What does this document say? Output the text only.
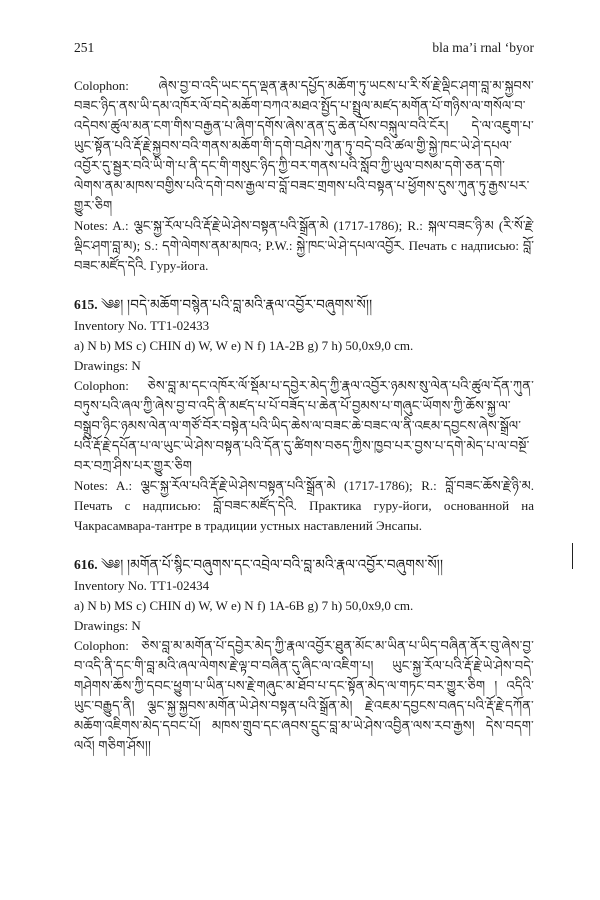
251	bla ma’i rnal ‘byor

Colophon: ཞེས་བྱ་བ་འདི་ཡང་དད་ལྡན་རྣམ་དཔྱོད་མཆོག་ཏུ་ཡངས་པ་རི་སོ་རྗེ་ལྡིང་ཤག་བླ་མ་སྐྱབས་བཟང་ཉིད་ནས་ཡི་དམ་འཁོར་ལོ་བདེ་མཆོག་བཀའ་མཐའ་སྤྱོད་པ་སྤྲུལ་མཛད་མགོན་པོ་གཉིས་ལ་གསོལ་བ་འདེབས་ཚུལ་མན་ངག་གིས་བརྒྱན་པ་ཞིག་དགོས་ཞེས་ནན་དུ་ཆེན་པོས་བསྐུལ་བའི་ངོར། དེ་ལ་འཇུག་པ་ཡུང་སྟོན་པའི་རྡོ་རྗེ་སྐྱབས་བའི་གནས་མཆོག་གི་དགེ་བཤེས་ཀུན་ཏུ་བདེ་བའི་ཚལ་གྱི་སྐྱེ་ཁང་ཡེ་ཤེ་དཔལ་འབྱོར་དུ་སྦྱར་བའི་ཡི་གེ་པ་ནི་དང་གི་གསུང་ཉིད་ཀྱི་བར་གནས་པའི་སློབ་ཀྱི་ཡུལ་བསམ་དགེ་ཅན་དགེ་ལེགས་ནམ་མཁས་བགྱིས་པའི་དགེ་བས་རྒྱལ་བ་བློ་བཟང་གྲགས་པའི་བསྟན་པ་ཕྱོགས་དུས་ཀུན་ཏུ་རྒྱས་པར་གྱུར་ཅིག

Notes: A.: ལྕང་སྐྱ་རོལ་པའི་རྡོ་རྗེ་ཡེ་ཤེས་བསྟན་པའི་སྒྲོན་མེ (1717-1786); R.: སྐལ་བཟང་ཉི་མ (རི་སོ་རྗེ་ལྡིང་ཤག་བླ་མ); S.: དགེ་ལེགས་ནམ་མཁའ; P.W.: སྐྱེ་ཁང་ཡེ་ཤེ་དཔལ་འབྱོར. Печать с надписью: བློ་བཟང་མཛོད་དེའི. Гуру-йога.

615. ༄༅། །བདེ་མཆོག་བསྙེན་པའི་བླ་མའི་རྣལ་འབྱོར་བཞུགས་སོ།།
Inventory No. TT1-02433
a) N b) MS c) CHIN d) W, W e) N f) 1A-2B g) 7 h) 50,0x9,0 cm.
Drawings: N

Colophon: ཅེས་བླ་མ་དང་འཁོར་ལོ་སྡོམ་པ་དབྱེར་མེད་ཀྱི་རྣལ་འབྱོར་ཉམས་སུ་ལེན་པའི་ཚུལ་དོན་ཀུན་བཏུས་པའི་ཞལ་ཀྱི་ཞེས་བྱ་བ་འདི་ནི་མཛད་པ་པོ་བཟོད་པ་ཆེན་པོ་བྱམས་པ་གཞུང་ཡོགས་ཀྱི་ཆོས་སྐྱ་ལ་བསྒྲུབ་ཉིང་ཉམས་ལེན་ལ་གཙོ་བོར་བསྟེན་པའི་ཡིད་ཆེས་ལ་བཟང་ཆེ་བཟང་ལ་ནི་འཇམ་དབྱངས་ཞེས་སྒྲོལ་པའི་རྡོ་རྗེ་དཔོན་པ་ལ་ཡུང་ཡེ་ཤེས་བསྟན་པའི་དོན་དུ་ཚིགས་བཅད་ཀྱིས་ཁྱབ་པར་བྱས་པ་དགེ་མེད་པ་ལ་བསྔོ་བར་བཀྲ་ཤིས་པར་གྱུར་ཅིག

Notes: A.: ལྕང་སྐྱ་རོལ་པའི་རྡོ་རྗེ་ཡེ་ཤེས་བསྟན་པའི་སྒྲོན་མེ (1717-1786); R.: བློ་བཟང་ཆོས་རྗེ་ཉི་མ. Печать с надписью: བློ་བཟང་མཛོད་དེའི. Практика гуру-йоги, основанной на Чакрасамвара-тантре в традиции устных наставлений Энсапы.

616. ༄༅། །མགོན་པོ་སྙིང་བཞུགས་དང་འབྲེལ་བའི་བླ་མའི་རྣལ་འབྱོར་བཞུགས་སོ།།
Inventory No. TT1-02434
a) N b) MS c) CHIN d) W, W e) N f) 1A-6B g) 7 h) 50,0x9,0 cm.
Drawings: N

Colophon: ཅེས་བླ་མ་མགོན་པོ་དབྱེར་མེད་ཀྱི་རྣལ་འབྱོར་ཐུན་མོང་མ་ཡིན་པ་ཡིད་བཞིན་ནོར་བུ་ཞེས་བྱ་བ་འདི་ནི་དང་གི་བླ་མའི་ཞལ་ལེགས་རྗེ་ལྟ་བ་བཞིན་དུ་ཞིང་ལ་འཇིག་པ། ཡུང་སྐྱ་རོལ་པའི་རྡོ་རྗེ་ཡེ་ཤེས་བདེ་གཤེགས་ཆོས་ཀྱི་དབང་ཕྱུག་པ་ཡིན་པས་རྗེ་གཞུང་མ་ཐོབ་པ་དང་སྟོན་མེད་ལ་གཏང་བར་གྱུར་ཅིག ། འདིའི་ཡུང་བརྒྱུད་ནི། ལྕང་སྐྱ་སྐྱབས་མགོན་ཡེ་ཤེས་བསྟན་པའི་སྒྲོན་མེ། རྗེ་འཇམ་དབྱངས་བཞད་པའི་རྡོ་རྗེ་དཀོན་མཆོག་འཇིགས་མེད་དབང་པོ། མཁས་གྲུབ་དང་ཞབས་དྲུང་བླ་མ་ཡེ་ཤེས་འབྱིན་ལས་རབ་རྒྱས། དེས་བདག་ལའོ། གཅིག་ཤོས།།
